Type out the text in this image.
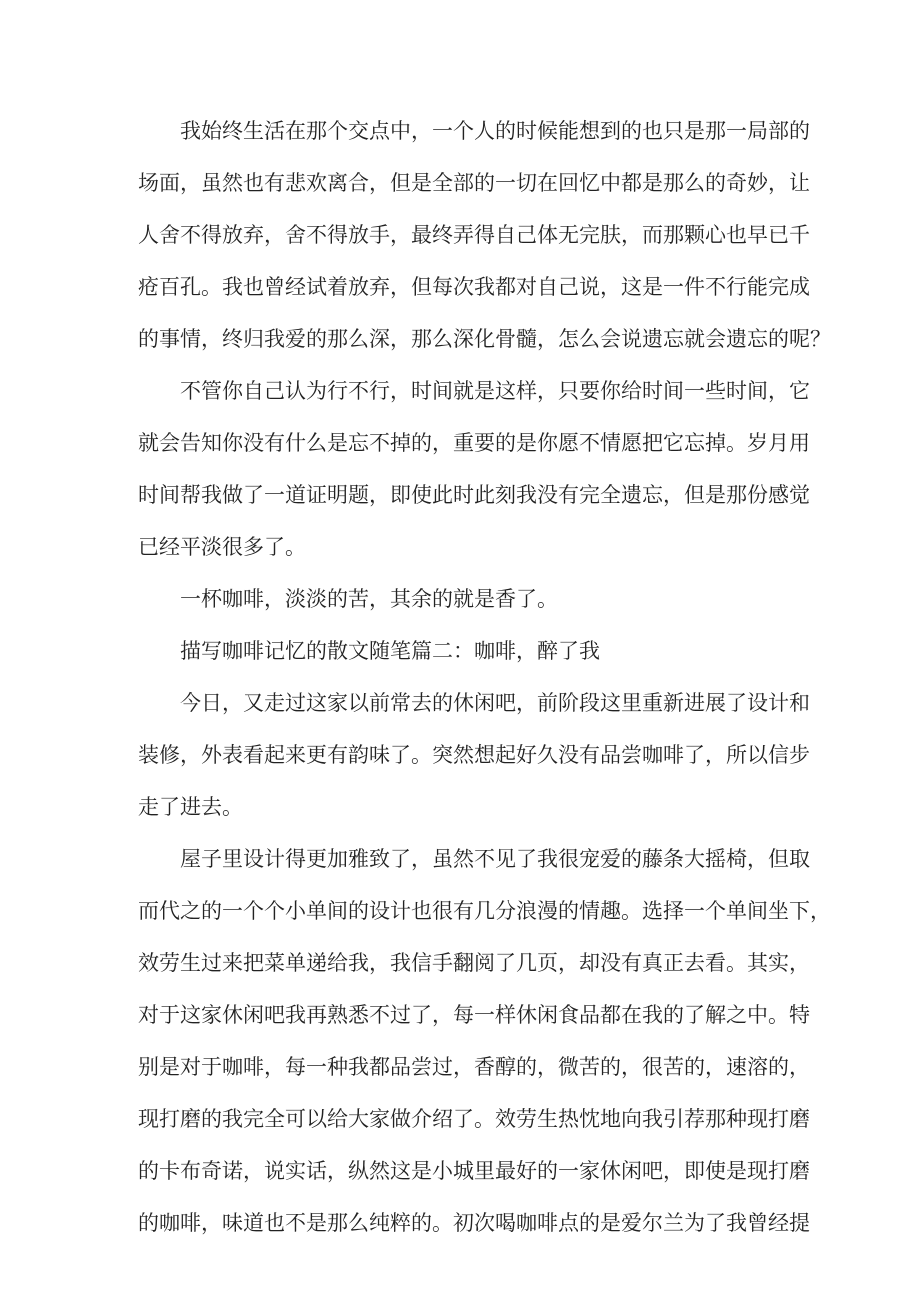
我始终生活在那个交点中，一个人的时候能想到的也只是那一局部的
场面，虽然也有悲欢离合，但是全部的一切在回忆中都是那么的奇妙，让
人舍不得放弃，舍不得放手，最终弄得自己体无完肤，而那颗心也早已千
疮百孔。我也曾经试着放弃，但每次我都对自己说，这是一件不行能完成
的事情，终归我爱的那么深，那么深化骨髓，怎么会说遗忘就会遗忘的呢？
不管你自己认为行不行，时间就是这样，只要你给时间一些时间，它
就会告知你没有什么是忘不掉的，重要的是你愿不情愿把它忘掉。岁月用
时间帮我做了一道证明题，即使此时此刻我没有完全遗忘，但是那份感觉
已经平淡很多了。
一杯咖啡，淡淡的苦，其余的就是香了。
描写咖啡记忆的散文随笔篇二：咖啡，醉了我
今日，又走过这家以前常去的休闲吧，前阶段这里重新进展了设计和
装修，外表看起来更有韵味了。突然想起好久没有品尝咖啡了，所以信步
走了进去。
屋子里设计得更加雅致了，虽然不见了我很宠爱的藤条大摇椅，但取
而代之的一个个小单间的设计也很有几分浪漫的情趣。选择一个单间坐下，
效劳生过来把菜单递给我，我信手翻阅了几页，却没有真正去看。其实，
对于这家休闲吧我再熟悉不过了，每一样休闲食品都在我的了解之中。特
别是对于咖啡，每一种我都品尝过，香醇的，微苦的，很苦的，速溶的，
现打磨的我完全可以给大家做介绍了。效劳生热忱地向我引荐那种现打磨
的卡布奇诺，说实话，纵然这是小城里最好的一家休闲吧，即使是现打磨
的咖啡，味道也不是那么纯粹的。初次喝咖啡点的是爱尔兰为了我曾经提
